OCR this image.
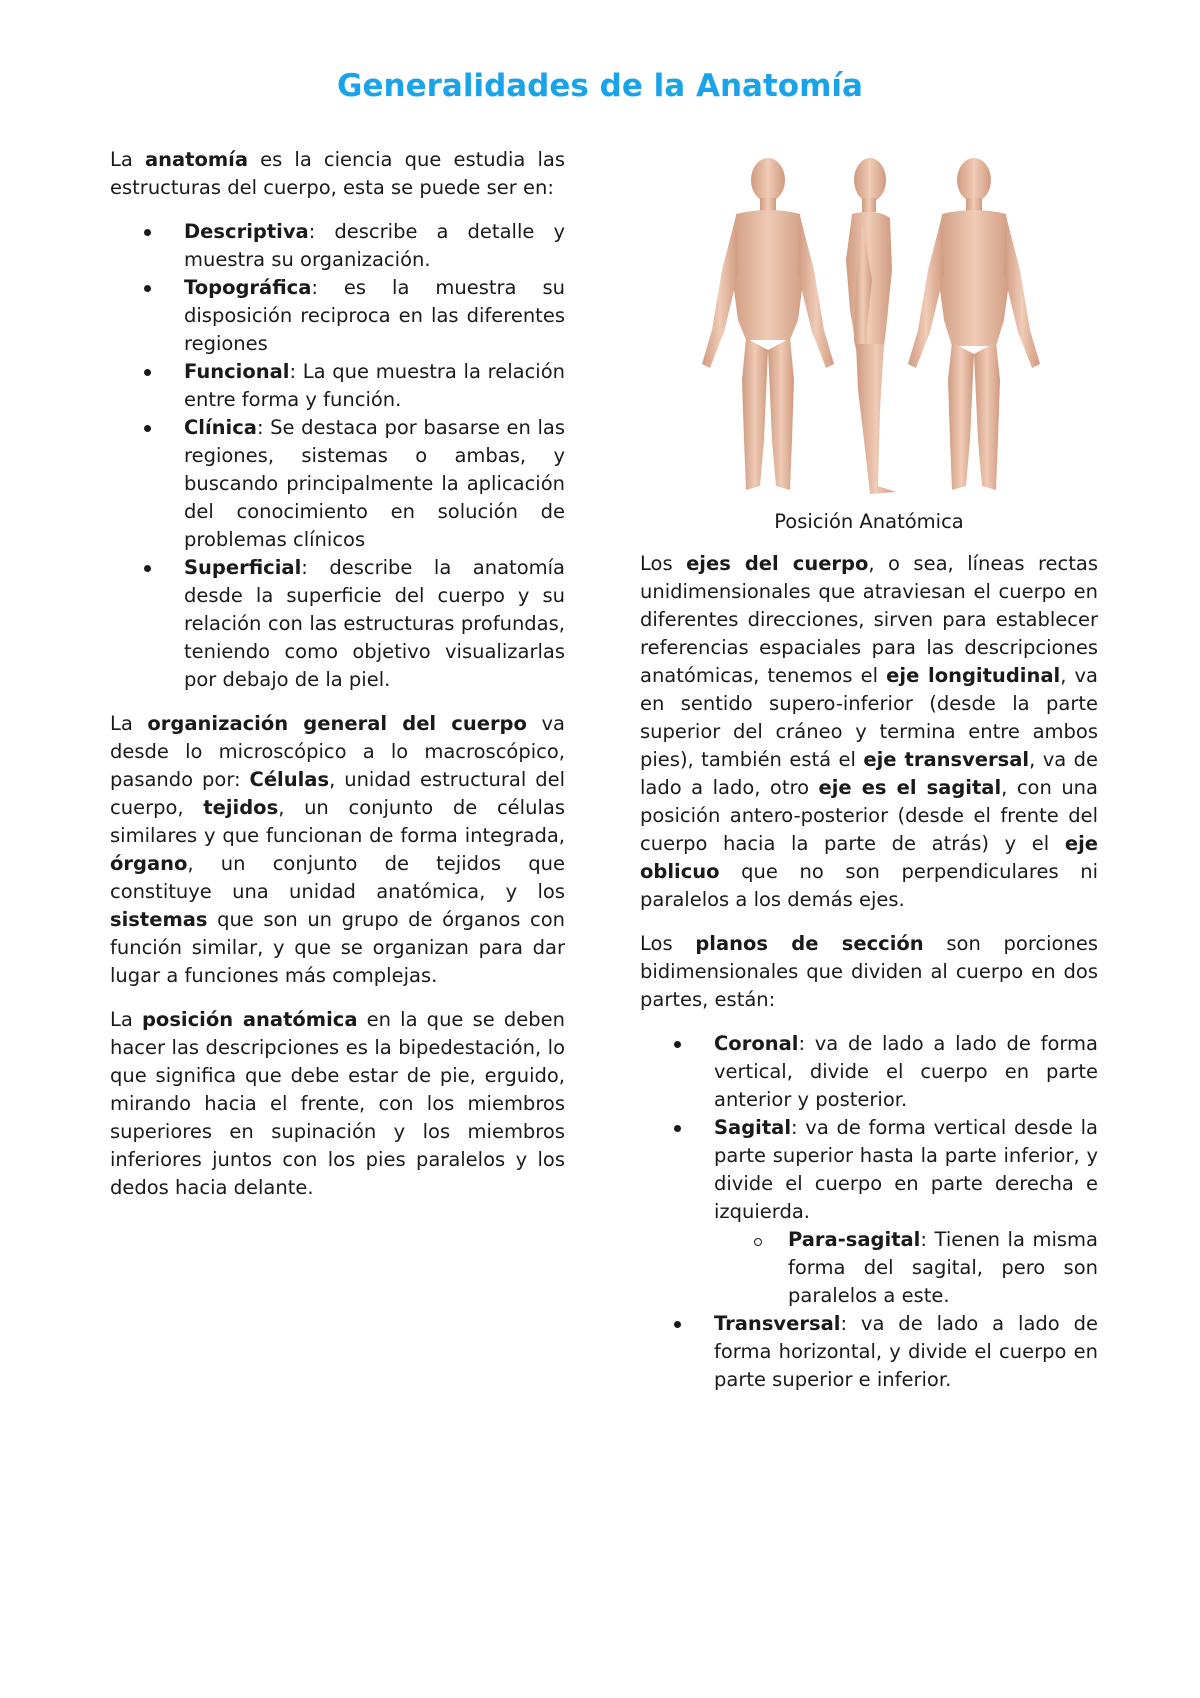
Generalidades de la Anatomía

La anatomía es la ciencia que estudia las estructuras del cuerpo, esta se puede ser en:

Descriptiva: describe a detalle y muestra su organización.
Topográfica: es la muestra su disposición reciproca en las diferentes regiones
Funcional: La que muestra la relación entre forma y función.
Clínica: Se destaca por basarse en las regiones, sistemas o ambas, y buscando principalmente la aplicación del conocimiento en solución de problemas clínicos
Superficial: describe la anatomía desde la superficie del cuerpo y su relación con las estructuras profundas, teniendo como objetivo visualizarlas por debajo de la piel.

La organización general del cuerpo va desde lo microscópico a lo macroscópico, pasando por: Células, unidad estructural del cuerpo, tejidos, un conjunto de células similares y que funcionan de forma integrada, órgano, un conjunto de tejidos que constituye una unidad anatómica, y los sistemas que son un grupo de órganos con función similar, y que se organizan para dar lugar a funciones más complejas.

La posición anatómica en la que se deben hacer las descripciones es la bipedestación, lo que significa que debe estar de pie, erguido, mirando hacia el frente, con los miembros superiores en supinación y los miembros inferiores juntos con los pies paralelos y los dedos hacia delante.

Posición Anatómica

Los ejes del cuerpo, o sea, líneas rectas unidimensionales que atraviesan el cuerpo en diferentes direcciones, sirven para establecer referencias espaciales para las descripciones anatómicas, tenemos el eje longitudinal, va en sentido supero-inferior (desde la parte superior del cráneo y termina entre ambos pies), también está el eje transversal, va de lado a lado, otro eje es el sagital, con una posición antero-posterior (desde el frente del cuerpo hacia la parte de atrás) y el eje oblicuo que no son perpendiculares ni paralelos a los demás ejes.

Los planos de sección son porciones bidimensionales que dividen al cuerpo en dos partes, están:

Coronal: va de lado a lado de forma vertical, divide el cuerpo en parte anterior y posterior.
Sagital: va de forma vertical desde la parte superior hasta la parte inferior, y divide el cuerpo en parte derecha e izquierda.
Para-sagital: Tienen la misma forma del sagital, pero son paralelos a este.
Transversal: va de lado a lado de forma horizontal, y divide el cuerpo en parte superior e inferior.
